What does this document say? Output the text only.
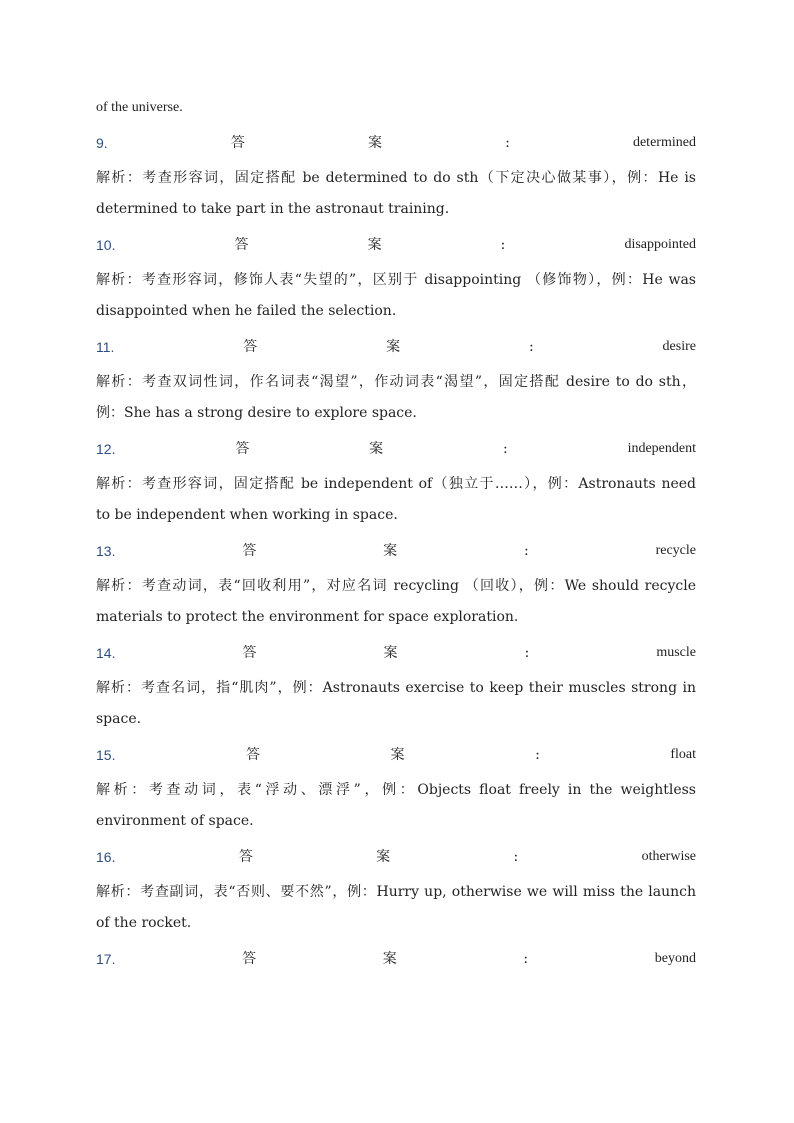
of the universe.
9.	答	案	:	determined
解析：考查形容词，固定搭配 be determined to do sth（下定决心做某事），例：He is
determined to take part in the astronaut training.
10.	答	案	:	disappointed
解析：考查形容词，修饰人表“失望的”，区别于 disappointing （修饰物），例：He was
disappointed when he failed the selection.
11.	答	案	:	desire
解析：考查双词性词，作名词表“渴望”，作动词表“渴望”，固定搭配 desire to do sth，
例：She has a strong desire to explore space.
12.	答	案	:	independent
解析：考查形容词，固定搭配 be independent of（独立于……），例：Astronauts need
to be independent when working in space.
13.	答	案	:	recycle
解析：考查动词，表“回收利用”，对应名词 recycling （回收），例：We should recycle
materials to protect the environment for space exploration.
14.	答	案	:	muscle
解析：考查名词，指“肌肉”，例：Astronauts exercise to keep their muscles strong in
space.
15.	答	案	:	float
解析：考查动词，表“浮动、漂浮”，例：Objects float freely in the weightless
environment of space.
16.	答	案	:	otherwise
解析：考查副词，表“否则、要不然”，例：Hurry up, otherwise we will miss the launch
of the rocket.
17.	答	案	:	beyond
